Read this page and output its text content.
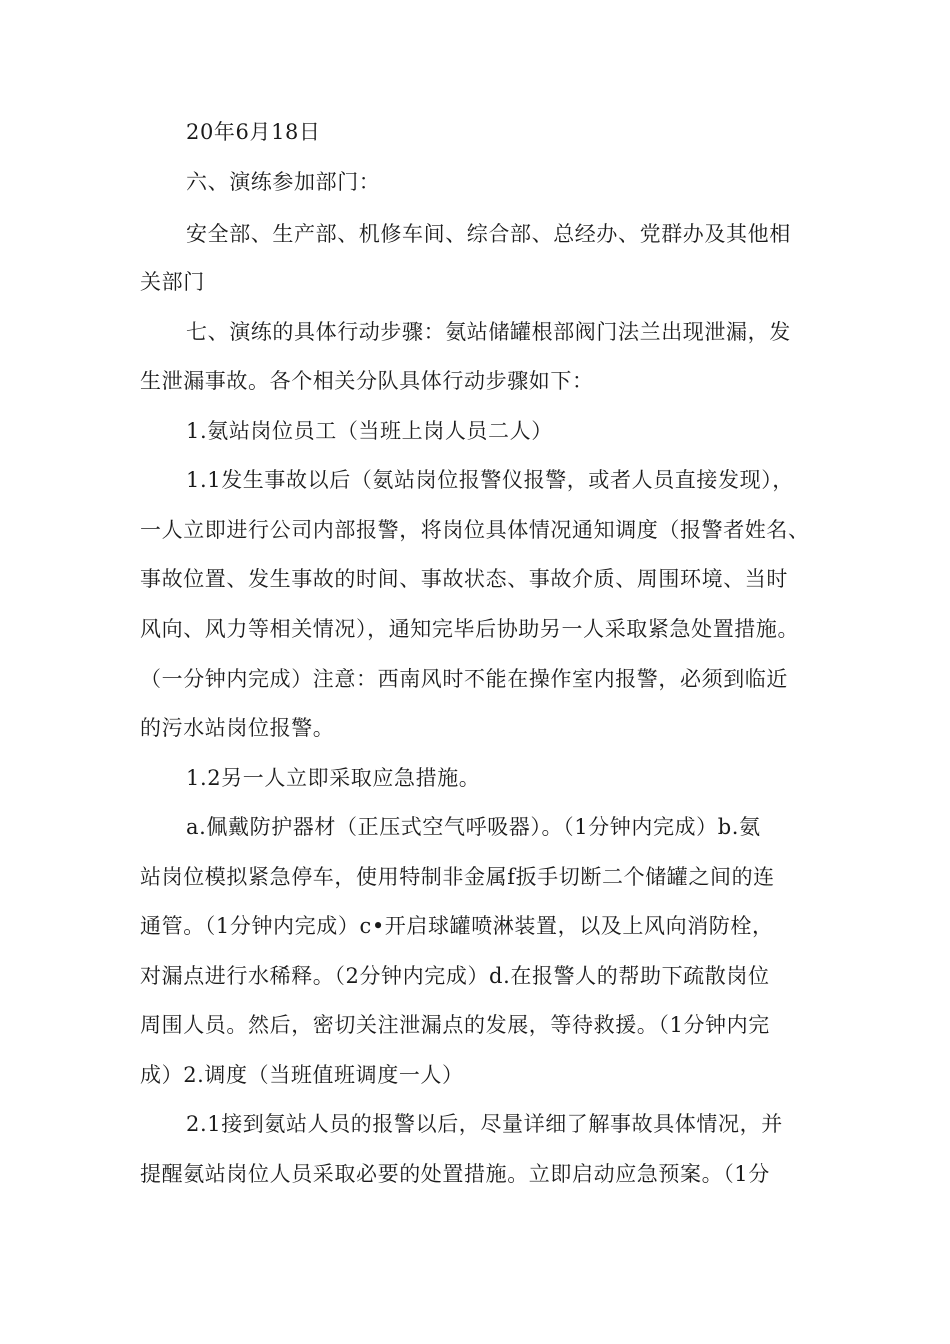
20年6月18日
六、演练参加部门：
安全部、生产部、机修车间、综合部、总经办、党群办及其他相
关部门
七、演练的具体行动步骤：氨站储罐根部阀门法兰出现泄漏，发
生泄漏事故。各个相关分队具体行动步骤如下：
1.氨站岗位员工（当班上岗人员二人）
1.1发生事故以后（氨站岗位报警仪报警，或者人员直接发现），
一人立即进行公司内部报警，将岗位具体情况通知调度（报警者姓名、
事故位置、发生事故的时间、事故状态、事故介质、周围环境、当时
风向、风力等相关情况），通知完毕后协助另一人采取紧急处置措施。
（一分钟内完成）注意：西南风时不能在操作室内报警，必须到临近
的污水站岗位报警。
1.2另一人立即采取应急措施。
a.佩戴防护器材（正压式空气呼吸器）。（1分钟内完成）b.氨
站岗位模拟紧急停车，使用特制非金属f扳手切断二个储罐之间的连
通管。（1分钟内完成）c•开启球罐喷淋装置，以及上风向消防栓，
对漏点进行水稀释。（2分钟内完成）d.在报警人的帮助下疏散岗位
周围人员。然后，密切关注泄漏点的发展，等待救援。（1分钟内完
成）2.调度（当班值班调度一人）
2.1接到氨站人员的报警以后，尽量详细了解事故具体情况，并
提醒氨站岗位人员采取必要的处置措施。立即启动应急预案。（1分
